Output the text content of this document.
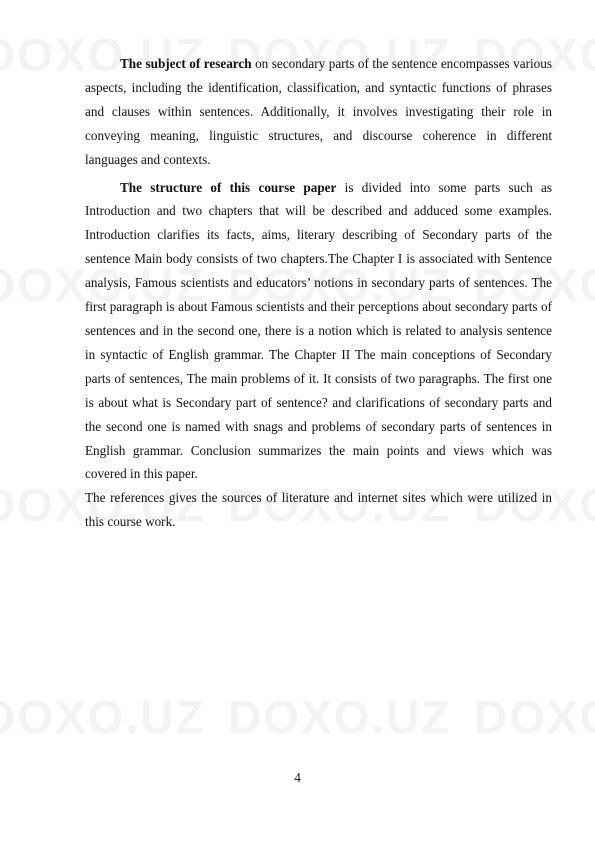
The subject of research on secondary parts of the sentence encompasses various aspects, including the identification, classification, and syntactic functions of phrases and clauses within sentences. Additionally, it involves investigating their role in conveying meaning, linguistic structures, and discourse coherence in different languages and contexts.

The structure of this course paper is divided into some parts such as Introduction and two chapters that will be described and adduced some examples. Introduction clarifies its facts, aims, literary describing of Secondary parts of the sentence Main body consists of two chapters.The Chapter I is associated with Sentence analysis, Famous scientists and educators’ notions in secondary parts of sentences. The first paragraph is about Famous scientists and their perceptions about secondary parts of sentences and in the second one, there is a notion which is related to analysis sentence in syntactic of English grammar. The Chapter II The main conceptions of Secondary parts of sentences, The main problems of it. It consists of two paragraphs. The first one is about what is Secondary part of sentence? and clarifications of secondary parts and the second one is named with snags and problems of secondary parts of sentences in English grammar. Conclusion summarizes the main points and views which was covered in this paper.

The references gives the sources of literature and internet sites which were utilized in this course work.

4
